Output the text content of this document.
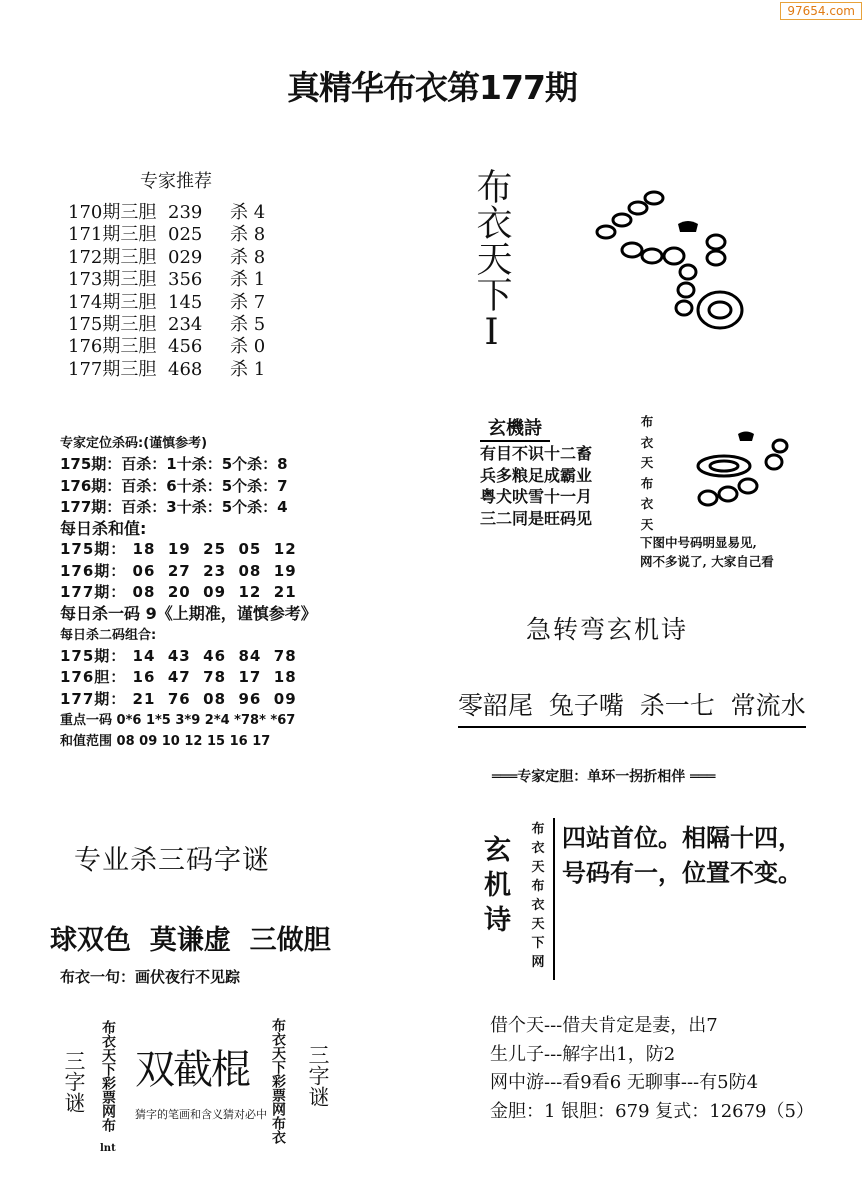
97654.com
真精华布衣第177期
专家推荐
170期三胆 239 杀 4
171期三胆 025 杀 8
172期三胆 029 杀 8
173期三胆 356 杀 1
174期三胆 145 杀 7
175期三胆 234 杀 5
176期三胆 456 杀 0
177期三胆 468 杀 1
专家定位杀码:(谨慎参考)
175期：百杀：1十杀：5个杀：8
176期：百杀：6十杀：5个杀：7
177期：百杀：3十杀：5个杀：4
每日杀和值:
175期： 18  19  25  05  12
176期： 06  27  23  08  19
177期： 08  20  09  12  21
每日杀一码 9《上期准，谨慎参考》
每日杀二码组合:
175期： 14  43  46  84  78
176胆： 16  47  78  17  18
177期： 21  76  08  96  09
重点一码 0*6 1*5 3*9 2*4 *78* *67
和值范围 08 09 10 12 15 16 17
专业杀三码字谜
球双色  莫谦虚  三做胆
布衣一句：画伏夜行不见踪
三字谜 布衣天下彩票网布
lnt
双截棍
猜字的笔画和含义猜对必中 布衣天下彩票网布衣 三字谜
布衣天下I
玄機詩
有目不识十二畜
兵多粮足成霸业
粤犬吠雪十一月
三二同是旺码见
布衣天布衣天
下图中号码明显易见,
网不多说了, 大家自己看
急转弯玄机诗
零韶尾  兔子嘴  杀一七  常流水
═══专家定胆：单环一拐折相伴 ═══
玄机诗
布衣天布衣天下网
四站首位。相隔十四，
号码有一，位置不变。
借个天---借夫肯定是妻，出7
生儿子---解字出1，防2
网中游---看9看6 无聊事---有5防4
金胆：1 银胆：679 复式：12679（5）
